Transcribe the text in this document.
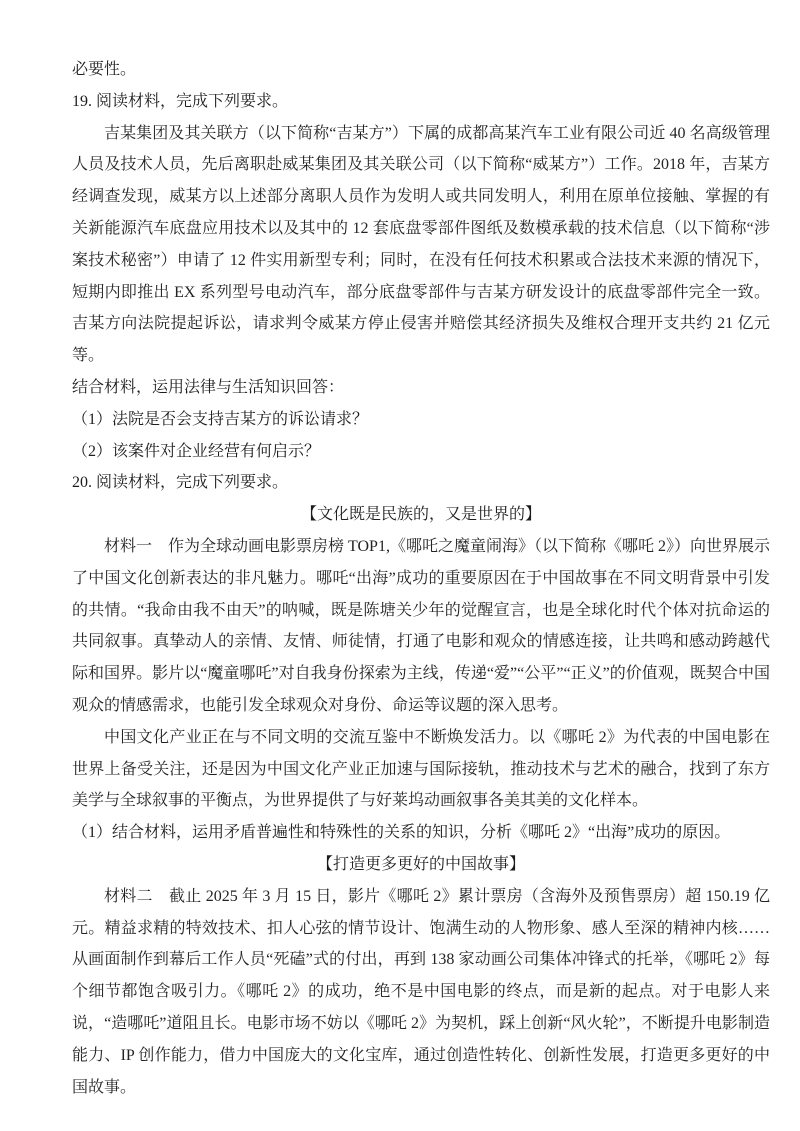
必要性。

19. 阅读材料，完成下列要求。

吉某集团及其关联方（以下简称“吉某方”）下属的成都高某汽车工业有限公司近 40 名高级管理人员及技术人员，先后离职赴威某集团及其关联公司（以下简称“威某方”）工作。2018 年，吉某方经调查发现，威某方以上述部分离职人员作为发明人或共同发明人，利用在原单位接触、掌握的有关新能源汽车底盘应用技术以及其中的 12 套底盘零部件图纸及数模承载的技术信息（以下简称“涉案技术秘密”）申请了 12 件实用新型专利；同时，在没有任何技术积累或合法技术来源的情况下，短期内即推出 EX 系列型号电动汽车，部分底盘零部件与吉某方研发设计的底盘零部件完全一致。吉某方向法院提起诉讼，请求判令威某方停止侵害并赔偿其经济损失及维权合理开支共约 21 亿元等。

结合材料，运用法律与生活知识回答：

（1）法院是否会支持吉某方的诉讼请求？

（2）该案件对企业经营有何启示？

20. 阅读材料，完成下列要求。

【文化既是民族的，又是世界的】

材料一　作为全球动画电影票房榜 TOP1,《哪吒之魔童闹海》（以下简称《哪吒 2》）向世界展示了中国文化创新表达的非凡魅力。哪吒“出海”成功的重要原因在于中国故事在不同文明背景中引发的共情。“我命由我不由天”的呐喊，既是陈塘关少年的觉醒宣言，也是全球化时代个体对抗命运的共同叙事。真挚动人的亲情、友情、师徒情，打通了电影和观众的情感连接，让共鸣和感动跨越代际和国界。影片以“魔童哪吒”对自我身份探索为主线，传递“爱”“公平”“正义”的价值观，既契合中国观众的情感需求，也能引发全球观众对身份、命运等议题的深入思考。

中国文化产业正在与不同文明的交流互鉴中不断焕发活力。以《哪吒 2》为代表的中国电影在世界上备受关注，还是因为中国文化产业正加速与国际接轨，推动技术与艺术的融合，找到了东方美学与全球叙事的平衡点，为世界提供了与好莱坞动画叙事各美其美的文化样本。

（1）结合材料，运用矛盾普遍性和特殊性的关系的知识，分析《哪吒 2》“出海”成功的原因。

【打造更多更好的中国故事】

材料二　截止 2025 年 3 月 15 日，影片《哪吒 2》累计票房（含海外及预售票房）超 150.19 亿元。精益求精的特效技术、扣人心弦的情节设计、饱满生动的人物形象、感人至深的精神内核……从画面制作到幕后工作人员“死磕”式的付出，再到 138 家动画公司集体冲锋式的托举，《哪吒 2》每个细节都饱含吸引力。《哪吒 2》的成功，绝不是中国电影的终点，而是新的起点。对于电影人来说，“造哪吒”道阻且长。电影市场不妨以《哪吒 2》为契机，踩上创新“风火轮”，不断提升电影制造能力、IP 创作能力，借力中国庞大的文化宝库，通过创造性转化、创新性发展，打造更多更好的中国故事。
